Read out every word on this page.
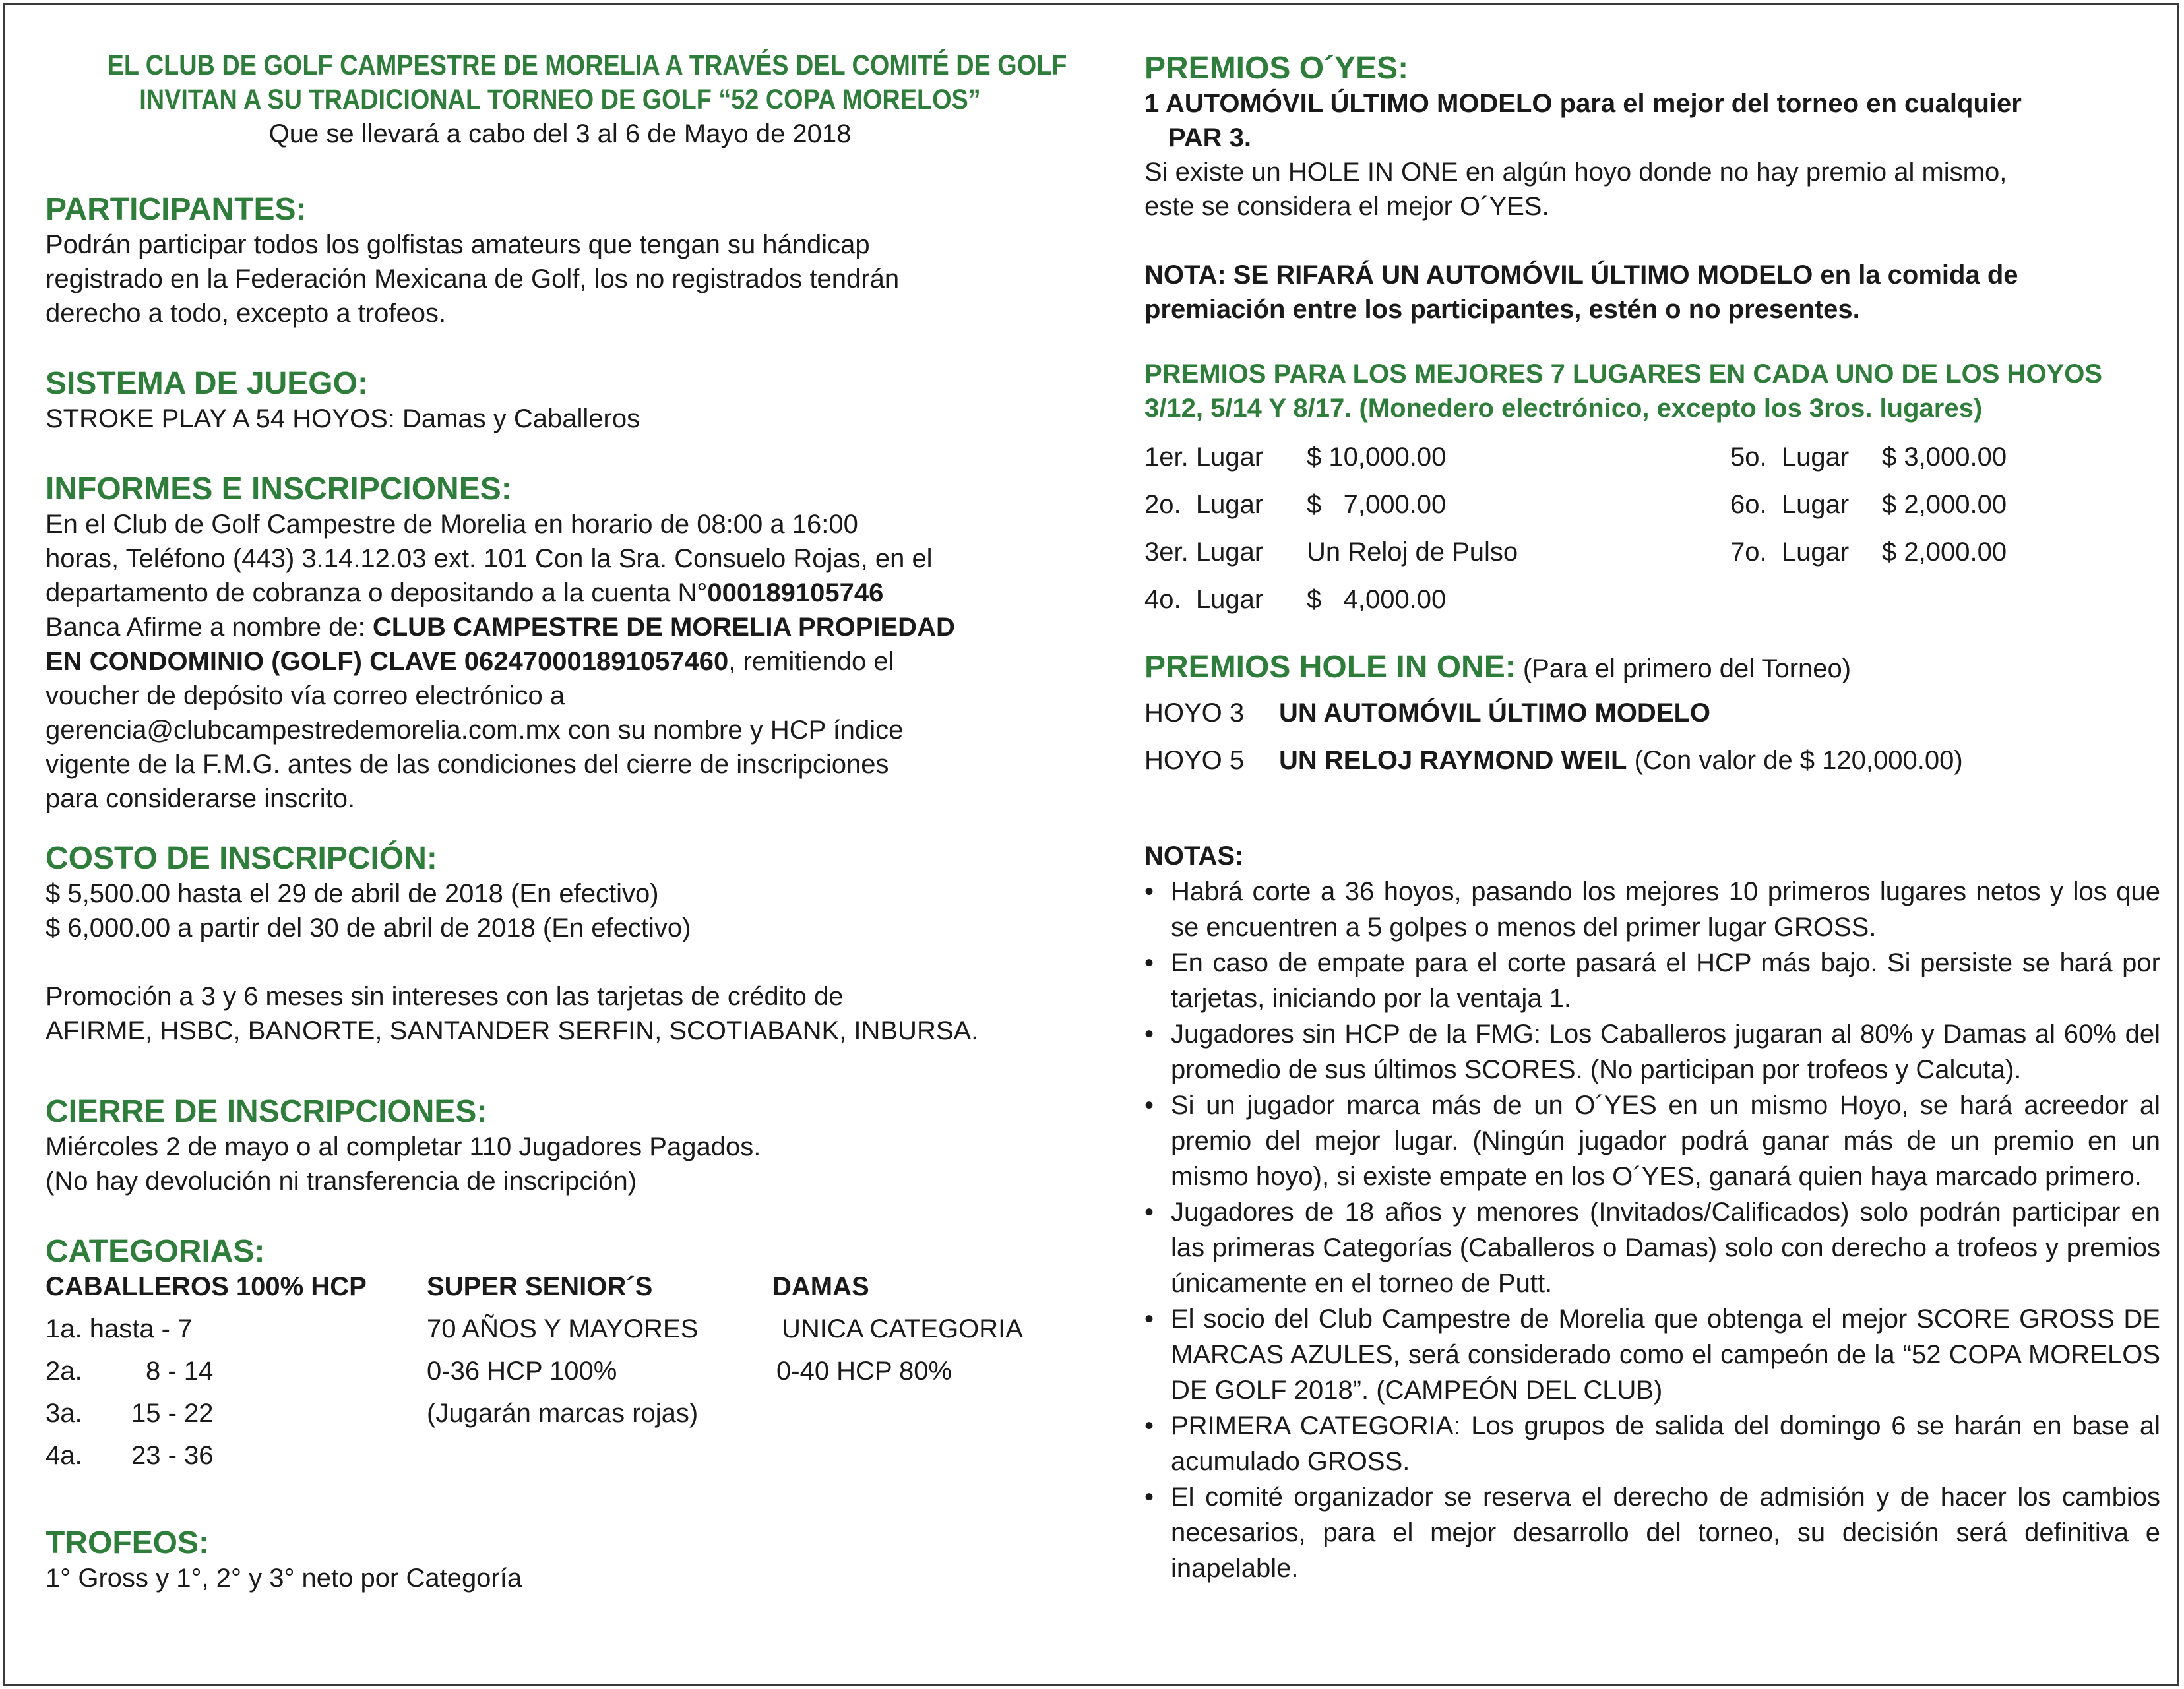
EL CLUB DE GOLF CAMPESTRE DE MORELIA A TRAVÉS DEL COMITÉ DE GOLF
INVITAN A SU TRADICIONAL TORNEO DE GOLF “52 COPA MORELOS”
Que se llevará a cabo del 3 al 6 de Mayo de 2018

PARTICIPANTES:

Podrán participar todos los golfistas amateurs que tengan su hándicap

registrado en la Federación Mexicana de Golf, los no registrados tendrán

derecho a todo, excepto a trofeos.

SISTEMA DE JUEGO:

STROKE PLAY A 54 HOYOS: Damas y Caballeros

INFORMES E INSCRIPCIONES:

En el Club de Golf Campestre de Morelia en horario de 08:00 a 16:00

horas, Teléfono (443) 3.14.12.03 ext. 101 Con la Sra. Consuelo Rojas, en el

departamento de cobranza o depositando a la cuenta N°000189105746

Banca Afirme a nombre de: CLUB CAMPESTRE DE MORELIA PROPIEDAD

EN CONDOMINIO (GOLF) CLAVE 062470001891057460, remitiendo el

voucher de depósito vía correo electrónico a

gerencia@clubcampestredemorelia.com.mx con su nombre y HCP índice

vigente de la F.M.G. antes de las condiciones del cierre de inscripciones

para considerarse inscrito.

COSTO DE INSCRIPCIÓN:

$ 5,500.00 hasta el 29 de abril de 2018 (En efectivo)

$ 6,000.00 a partir del 30 de abril de 2018 (En efectivo)

Promoción a 3 y 6 meses sin intereses con las tarjetas de crédito de

AFIRME, HSBC, BANORTE, SANTANDER SERFIN, SCOTIABANK, INBURSA.

CIERRE DE INSCRIPCIONES:

Miércoles 2 de mayo o al completar 110 Jugadores Pagados.

(No hay devolución ni transferencia de inscripción)

CATEGORIAS:

CABALLEROS 100% HCP SUPER SENIOR´S	DAMAS
1a. hasta - 7
2a.
3a.
4a.
8 - 14
15 - 22
23 - 36
70 AÑOS Y MAYORES
0-36 HCP 100%
(Jugarán marcas rojas)
UNICA CATEGORIA
0-40 HCP 80%

TROFEOS:

1° Gross y 1°, 2° y 3° neto por Categoría

PREMIOS O´YES:

1 AUTOMÓVIL ÚLTIMO MODELO para el mejor del torneo en cualquier

PAR 3.

Si existe un HOLE IN ONE en algún hoyo donde no hay premio al mismo,

este se considera el mejor O´YES.

NOTA: SE RIFARÁ UN AUTOMÓVIL ÚLTIMO MODELO en la comida de

premiación entre los participantes, estén o no presentes.

PREMIOS PARA LOS MEJORES 7 LUGARES EN CADA UNO DE LOS HOYOS

3/12, 5/14 Y 8/17. (Monedero electrónico, excepto los 3ros. lugares)

1er. Lugar $ 10,000.00
2o.  Lugar $   7,000.00
3er. Lugar Un Reloj de Pulso
4o.  Lugar $   4,000.00
5o.  Lugar $ 3,000.00
6o.  Lugar $ 2,000.00
7o.  Lugar $ 2,000.00

PREMIOS HOLE IN ONE: (Para el primero del Torneo)

HOYO 3 UN AUTOMÓVIL ÚLTIMO MODELO
HOYO 5 UN RELOJ RAYMOND WEIL (Con valor de $ 120,000.00)

NOTAS:

• Habrá corte a 36 hoyos, pasando los mejores 10 primeros lugares netos y los que se encuentren a 5 golpes o menos del primer lugar GROSS.
• En caso de empate para el corte pasará el HCP más bajo. Si persiste se hará por tarjetas, iniciando por la ventaja 1.
• Jugadores sin HCP de la FMG: Los Caballeros jugaran al 80% y Damas al 60% del promedio de sus últimos SCORES. (No participan por trofeos y Calcuta).
• Si un jugador marca más de un O´YES en un mismo Hoyo, se hará acreedor al premio del mejor lugar. (Ningún jugador podrá ganar más de un premio en un mismo hoyo), si existe empate en los O´YES, ganará quien haya marcado primero.
• Jugadores de 18 años y menores (Invitados/Calificados) solo podrán participar en las primeras Categorías (Caballeros o Damas) solo con derecho a trofeos y premios únicamente en el torneo de Putt.
• El socio del Club Campestre de Morelia que obtenga el mejor SCORE GROSS DE MARCAS AZULES, será considerado como el campeón de la “52 COPA MORELOS DE GOLF 2018”. (CAMPEÓN DEL CLUB)
• PRIMERA CATEGORIA: Los grupos de salida del domingo 6 se harán en base al acumulado GROSS.
• El comité organizador se reserva el derecho de admisión y de hacer los cambios necesarios, para el mejor desarrollo del torneo, su decisión será definitiva e inapelable.
